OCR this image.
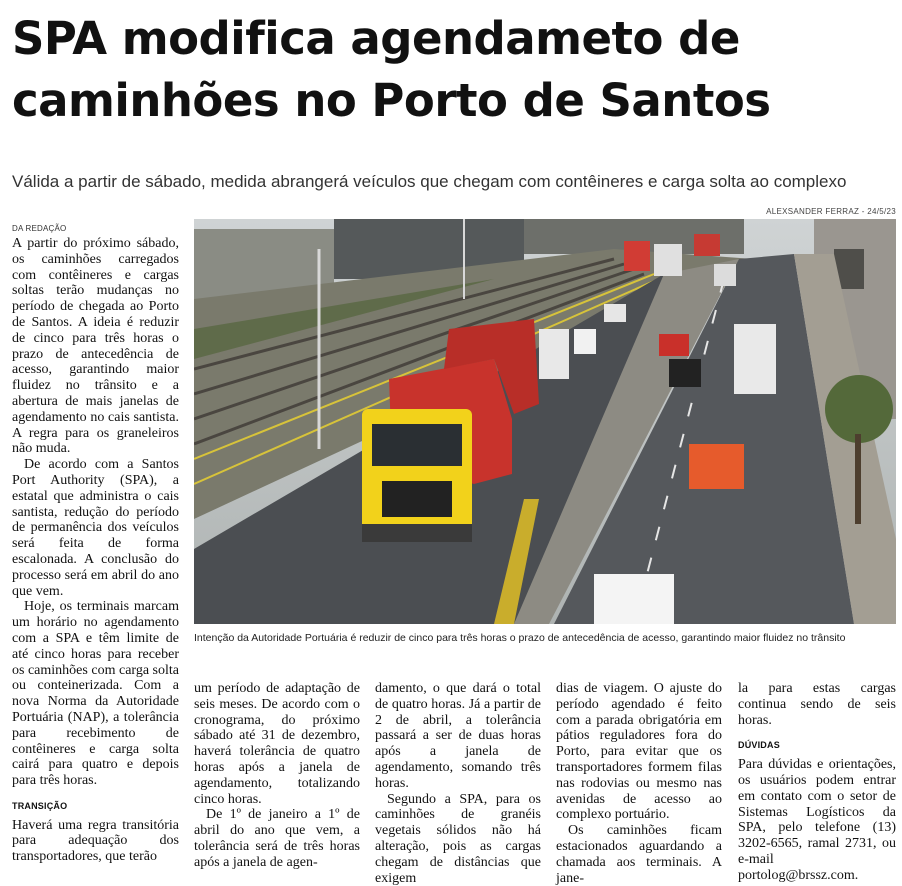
SPA modifica agendameto de
caminhões no Porto de Santos

Válida a partir de sábado, medida abrangerá veículos que chegam com contêineres e carga solta ao complexo

DA REDAÇÃO

A partir do próximo sábado, os caminhões carregados com contêineres e cargas soltas terão mudanças no período de chegada ao Porto de Santos. A ideia é reduzir de cinco para três horas o prazo de antecedência de acesso, garantindo maior fluidez no trânsito e a abertura de mais janelas de agendamento no cais santista. A regra para os graneleiros não muda.

De acordo com a Santos Port Authority (SPA), a estatal que administra o cais santista, redução do período de permanência dos veículos será feita de forma escalonada. A conclusão do processo será em abril do ano que vem.

Hoje, os terminais marcam um horário no agendamento com a SPA e têm limite de até cinco horas para receber os caminhões com carga solta ou conteinerizada. Com a nova Norma da Autoridade Portuária (NAP), a tolerância para recebimento de contêineres e carga solta cairá para quatro e depois para três horas.

TRANSIÇÃO

Haverá uma regra transitória para adequação dos transportadores, que terão

ALEXSANDER FERRAZ - 24/5/23
Intenção da Autoridade Portuária é reduzir de cinco para três horas o prazo de antecedência de acesso, garantindo maior fluidez no trânsito

um período de adaptação de seis meses. De acordo com o cronograma, do próximo sábado até 31 de dezembro, haverá tolerância de quatro horas após a janela de agendamento, totalizando cinco horas.

De 1º de janeiro a 1º de abril do ano que vem, a tolerância será de três horas após a janela de agen-

damento, o que dará o total de quatro horas. Já a partir de 2 de abril, a tolerância passará a ser de duas horas após a janela de agendamento, somando três horas.

Segundo a SPA, para os caminhões de granéis vegetais sólidos não há alteração, pois as cargas chegam de distâncias que exigem

dias de viagem. O ajuste do período agendado é feito com a parada obrigatória em pátios reguladores fora do Porto, para evitar que os transportadores formem filas nas rodovias ou mesmo nas avenidas de acesso ao complexo portuário.

Os caminhões ficam estacionados aguardando a chamada aos terminais. A jane-

la para estas cargas continua sendo de seis horas.

DÚVIDAS

Para dúvidas e orientações, os usuários podem entrar em contato com o setor de Sistemas Logísticos da SPA, pelo telefone (13) 3202-6565, ramal 2731, ou e-mail portolog@brssz.com.
